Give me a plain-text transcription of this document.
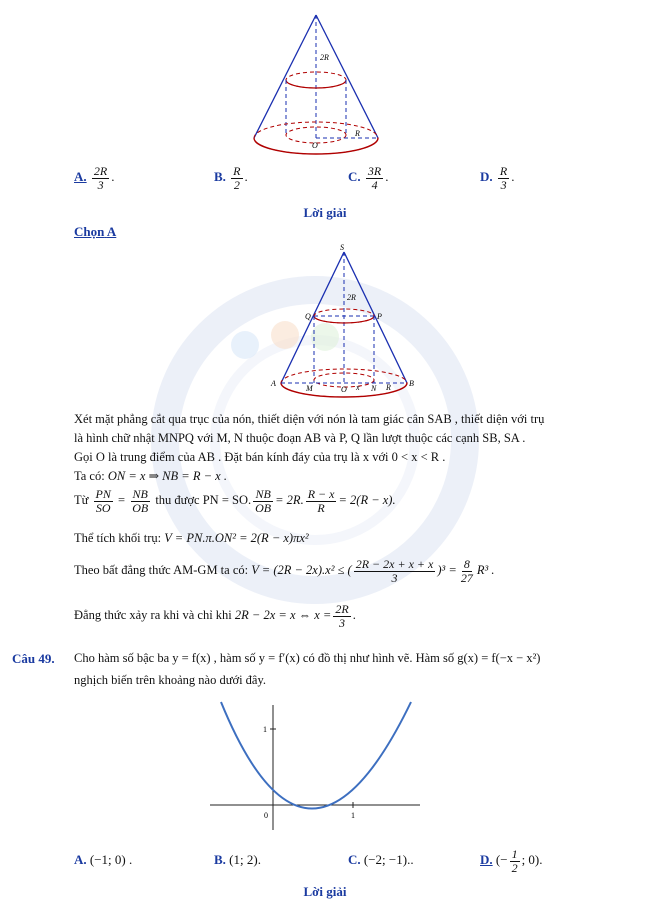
2R
O
R
A. $\frac{2R}{3}$ .	B. $\frac{R}{2}$ .	C. $\frac{3R}{4}$ .	D. $\frac{R}{3}$ .
Lời giải
Chọn A
S
2R
Q	P
A
M	O x N R B
Xét mặt phẳng cắt qua trục của nón, thiết diện với nón là tam giác cân SAB , thiết diện với trụ
là hình chữ nhật MNPQ với M, N thuộc đoạn AB và P, Q lần lượt thuộc các cạnh SB, SA .
Gọi O là trung điểm của AB . Đặt bán kính đáy của trụ là x với 0 < x < R .
Ta có: ON = x ⇒ NB = R − x .
Từ $\frac{PN}{SO} = \frac{NB}{OB}$ thu được PN = SO. $\frac{NB}{OB} = 2R$. $\frac{R - x}{R} = 2(R - x)$.
Thể tích khối trụ: V = PN.π.ON² = 2(R − x)πx²
Theo bất đẳng thức AM-GM ta có: V = (2R − 2x).x² ≤ ( $\frac{2R - 2x + x + x}{3} )^3 = \frac{8}{27} R^3$ .
Đẳng thức xảy ra khi và chỉ khi 2R − 2x = x ⇔ $x = \frac{2R}{3}$ .
Câu 49. Cho hàm số bậc ba y = f(x) , hàm số y = f′(x) có đồ thị như hình vẽ. Hàm số g(x) = f(−x − x²)
nghịch biến trên khoảng nào dưới đây.
1
0	1
A. (−1; 0) .	B. (1; 2).	C. (−2; −1)..	D. (− $\frac{1}{2}$ ; 0).
Lời giải
